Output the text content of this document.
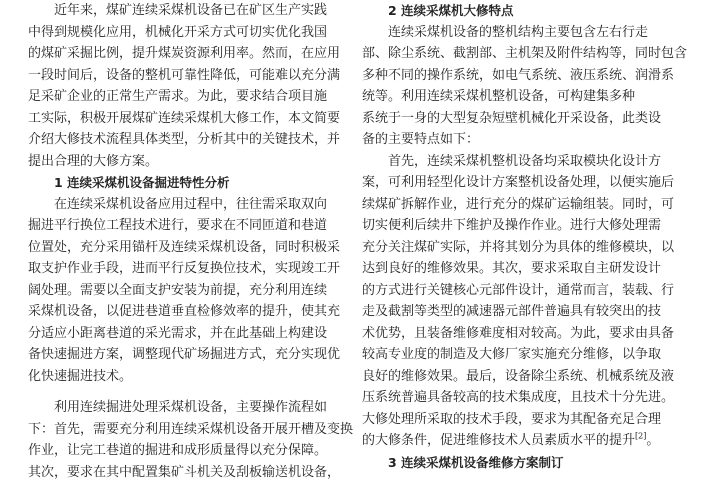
近年来，煤矿连续采煤机设备已在矿区生产实践
中得到规模化应用，机械化开采方式可切实优化我国
的煤矿采掘比例，提升煤炭资源利用率。然而，在应用
一段时间后，设备的整机可靠性降低，可能难以充分满
足采矿企业的正常生产需求。为此，要求结合项目施
工实际，积极开展煤矿连续采煤机大修工作，本文简要
介绍大修技术流程具体类型，分析其中的关键技术，并
提出合理的大修方案。
1 连续采煤机设备掘进特性分析
在连续采煤机设备应用过程中，往往需采取双向
掘进平行换位工程技术进行，要求在不同匝道和巷道
位置处，充分采用锚杆及连续采煤机设备，同时积极采
取支护作业手段，进而平行反复换位技术，实现竣工开
阔处理。需要以全面支护安装为前提，充分利用连续
采煤机设备，以促进巷道垂直检修效率的提升，使其充
分适应小距离巷道的采光需求，并在此基础上构建设
备快速掘进方案，调整现代矿场掘进方式，充分实现优
化快速掘进技术。
利用连续掘进处理采煤机设备，主要操作流程如
下：首先，需要充分利用连续采煤机设备开展开槽及变换
作业，让完工巷道的掘进和成形质量得以充分保障。
其次，要求在其中配置集矿斗机关及刮板输送机设备，
2 连续采煤机大修特点
连续采煤机设备的整机结构主要包含左右行走
部、除尘系统、截割部、主机架及附件结构等，同时包含
多种不同的操作系统，如电气系统、液压系统、润滑系
统等。利用连续采煤机整机设备，可构建集多种
系统于一身的大型复杂短壁机械化开采设备，此类设
备的主要特点如下：
首先，连续采煤机整机设备均采取模块化设计方
案，可利用轻型化设计方案整机设备处理，以便实施后
续煤矿拆解作业，进行充分的煤矿运输组装。同时，可
切实便利后续井下维护及操作作业。进行大修处理需
充分关注煤矿实际，并将其划分为具体的维修模块，以
达到良好的维修效果。其次，要求采取自主研发设计
的方式进行关键核心元部件设计，通常而言，装载、行
走及截割等类型的减速器元部件普遍具有较突出的技
术优势，且装备维修难度相对较高。为此，要求由具备
较高专业度的制造及大修厂家实施充分维修，以争取
良好的维修效果。最后，设备除尘系统、机械系统及液
压系统普遍具备较高的技术集成度，且技术十分先进。
大修处理所采取的技术手段，要求为其配备充足合理
的大修条件，促进维修技术人员素质水平的提升[2]。
3 连续采煤机设备维修方案制订
